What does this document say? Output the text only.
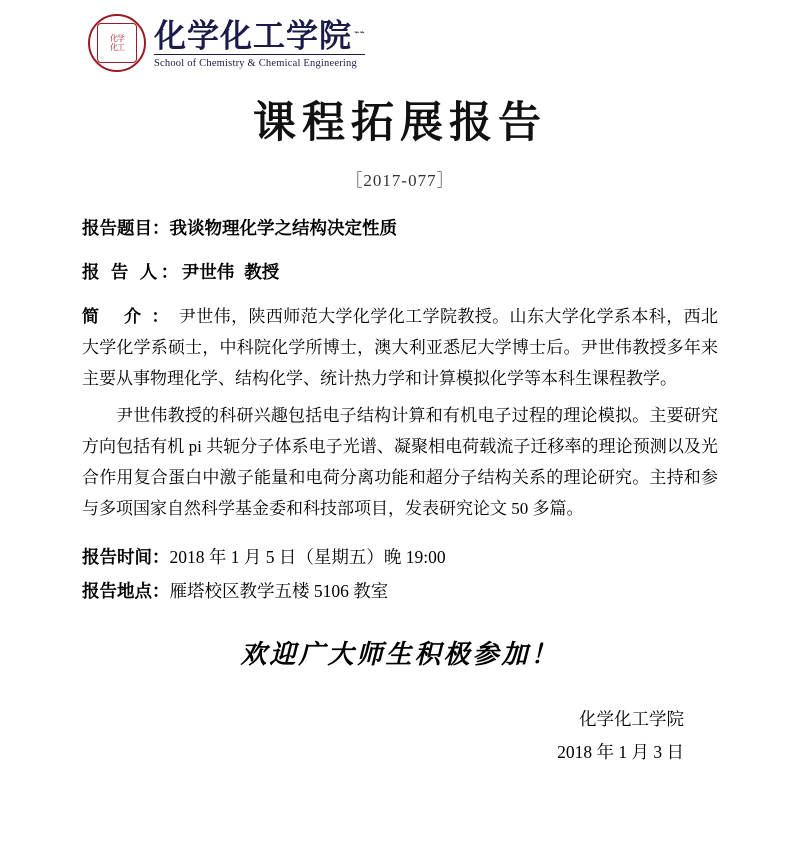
化学
化工 化学化工学院 ⌁⌁
School of Chemistry & Chemical Engineering
课程拓展报告
［2017-077］
报告题目：我谈物理化学之结构决定性质
报 告 人：尹世伟 教授
简 介：尹世伟，陕西师范大学化学化工学院教授。山东大学化学系本科，西北大学化学系硕士，中科院化学所博士，澳大利亚悉尼大学博士后。尹世伟教授多年来主要从事物理化学、结构化学、统计热力学和计算模拟化学等本科生课程教学。
尹世伟教授的科研兴趣包括电子结构计算和有机电子过程的理论模拟。主要研究方向包括有机 pi 共轭分子体系电子光谱、凝聚相电荷载流子迁移率的理论预测以及光合作用复合蛋白中激子能量和电荷分离功能和超分子结构关系的理论研究。主持和参与多项国家自然科学基金委和科技部项目，发表研究论文 50 多篇。
报告时间：2018 年 1 月 5 日（星期五）晚 19:00
报告地点：雁塔校区教学五楼 5106 教室
欢迎广大师生积极参加！
化学化工学院
2018 年 1 月 3 日
